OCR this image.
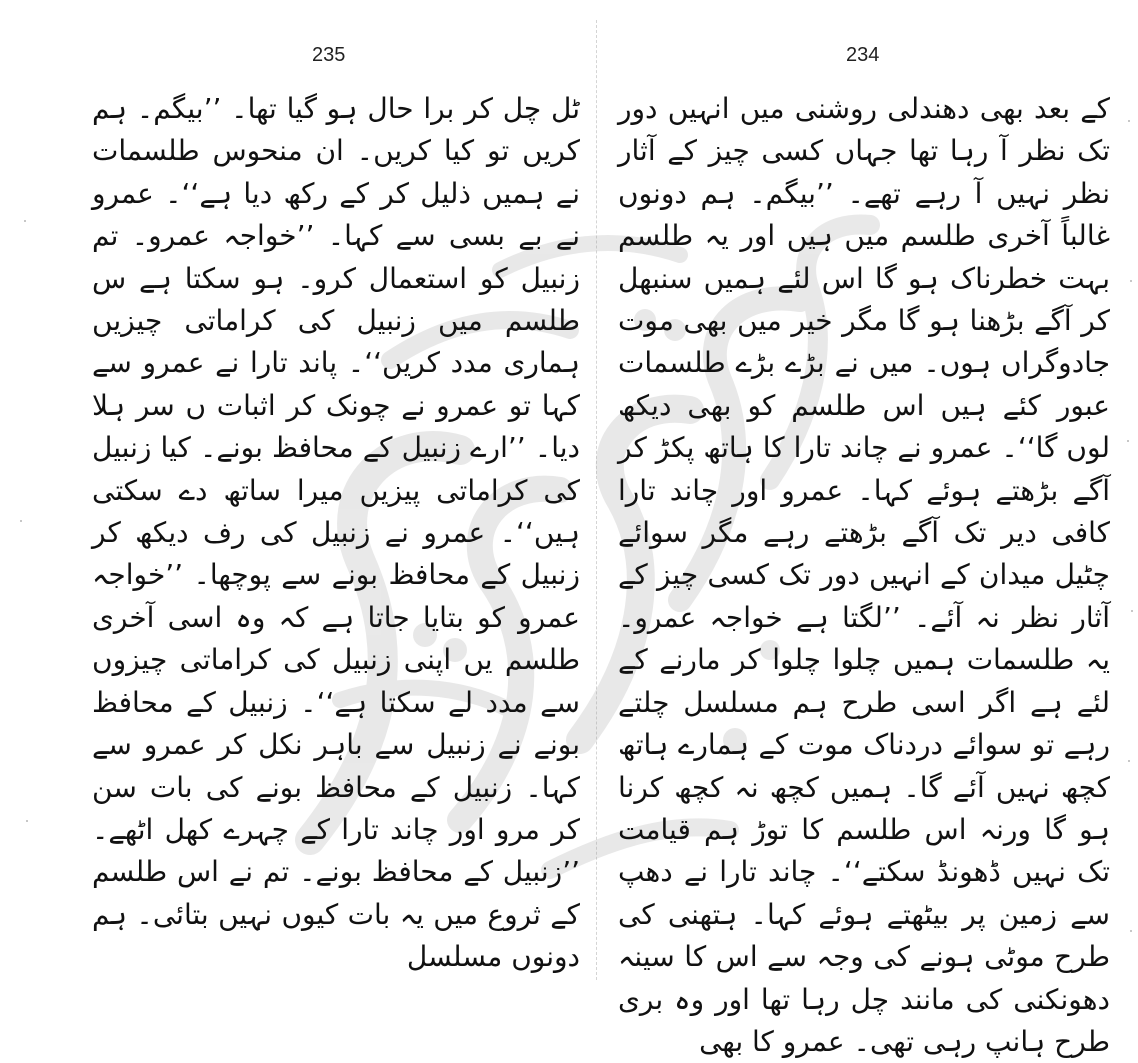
235

ٹل چل کر برا حال ہو گیا تھا۔ ’’بیگم۔ ہم کریں تو کیا کریں۔ ان منحوس طلسمات نے ہمیں ذلیل کر کے رکھ دیا ہے‘‘۔ عمرو نے بے بسی سے کہا۔ ’’خواجہ عمرو۔ تم زنبیل کو استعمال کرو۔ ہو سکتا ہے س طلسم میں زنبیل کی کراماتی چیزیں ہماری مدد کریں‘‘۔ پاند تارا نے عمرو سے کہا تو عمرو نے چونک کر اثبات ں سر ہلا دیا۔ ’’ارے زنبیل کے محافظ بونے۔ کیا زنبیل کی کراماتی پیزیں میرا ساتھ دے سکتی ہیں‘‘۔ عمرو نے زنبیل کی رف دیکھ کر زنبیل کے محافظ بونے سے پوچھا۔ ’’خواجہ عمرو کو بتایا جاتا ہے کہ وہ اسی آخری طلسم یں اپنی زنبیل کی کراماتی چیزوں سے مدد لے سکتا ہے‘‘۔ زنبیل کے محافظ بونے نے زنبیل سے باہر نکل کر عمرو سے کہا۔ زنبیل کے محافظ بونے کی بات سن کر مرو اور چاند تارا کے چہرے کھل اٹھے۔ ’’زنبیل کے محافظ بونے۔ تم نے اس طلسم کے ثروع میں یہ بات کیوں نہیں بتائی۔ ہم دونوں مسلسل

234

کے بعد بھی دھندلی روشنی میں انہیں دور تک نظر آ رہا تھا جہاں کسی چیز کے آثار نظر نہیں آ رہے تھے۔ ’’بیگم۔ ہم دونوں غالباً آخری طلسم میں ہیں اور یہ طلسم بہت خطرناک ہو گا اس لئے ہمیں سنبھل کر آگے بڑھنا ہو گا مگر خیر میں بھی موت جادوگراں ہوں۔ میں نے بڑے بڑے طلسمات عبور کئے ہیں اس طلسم کو بھی دیکھ لوں گا‘‘۔ عمرو نے چاند تارا کا ہاتھ پکڑ کر آگے بڑھتے ہوئے کہا۔ عمرو اور چاند تارا کافی دیر تک آگے بڑھتے رہے مگر سوائے چٹیل میدان کے انہیں دور تک کسی چیز کے آثار نظر نہ آئے۔ ’’لگتا ہے خواجہ عمرو۔ یہ طلسمات ہمیں چلوا چلوا کر مارنے کے لئے ہے اگر اسی طرح ہم مسلسل چلتے رہے تو سوائے دردناک موت کے ہمارے ہاتھ کچھ نہیں آئے گا۔ ہمیں کچھ نہ کچھ کرنا ہو گا ورنہ اس طلسم کا توڑ ہم قیامت تک نہیں ڈھونڈ سکتے‘‘۔ چاند تارا نے دھپ سے زمین پر بیٹھتے ہوئے کہا۔ ہتھنی کی طرح موٹی ہونے کی وجہ سے اس کا سینہ دھونکنی کی مانند چل رہا تھا اور وہ بری طرح ہانپ رہی تھی۔ عمرو کا بھی
